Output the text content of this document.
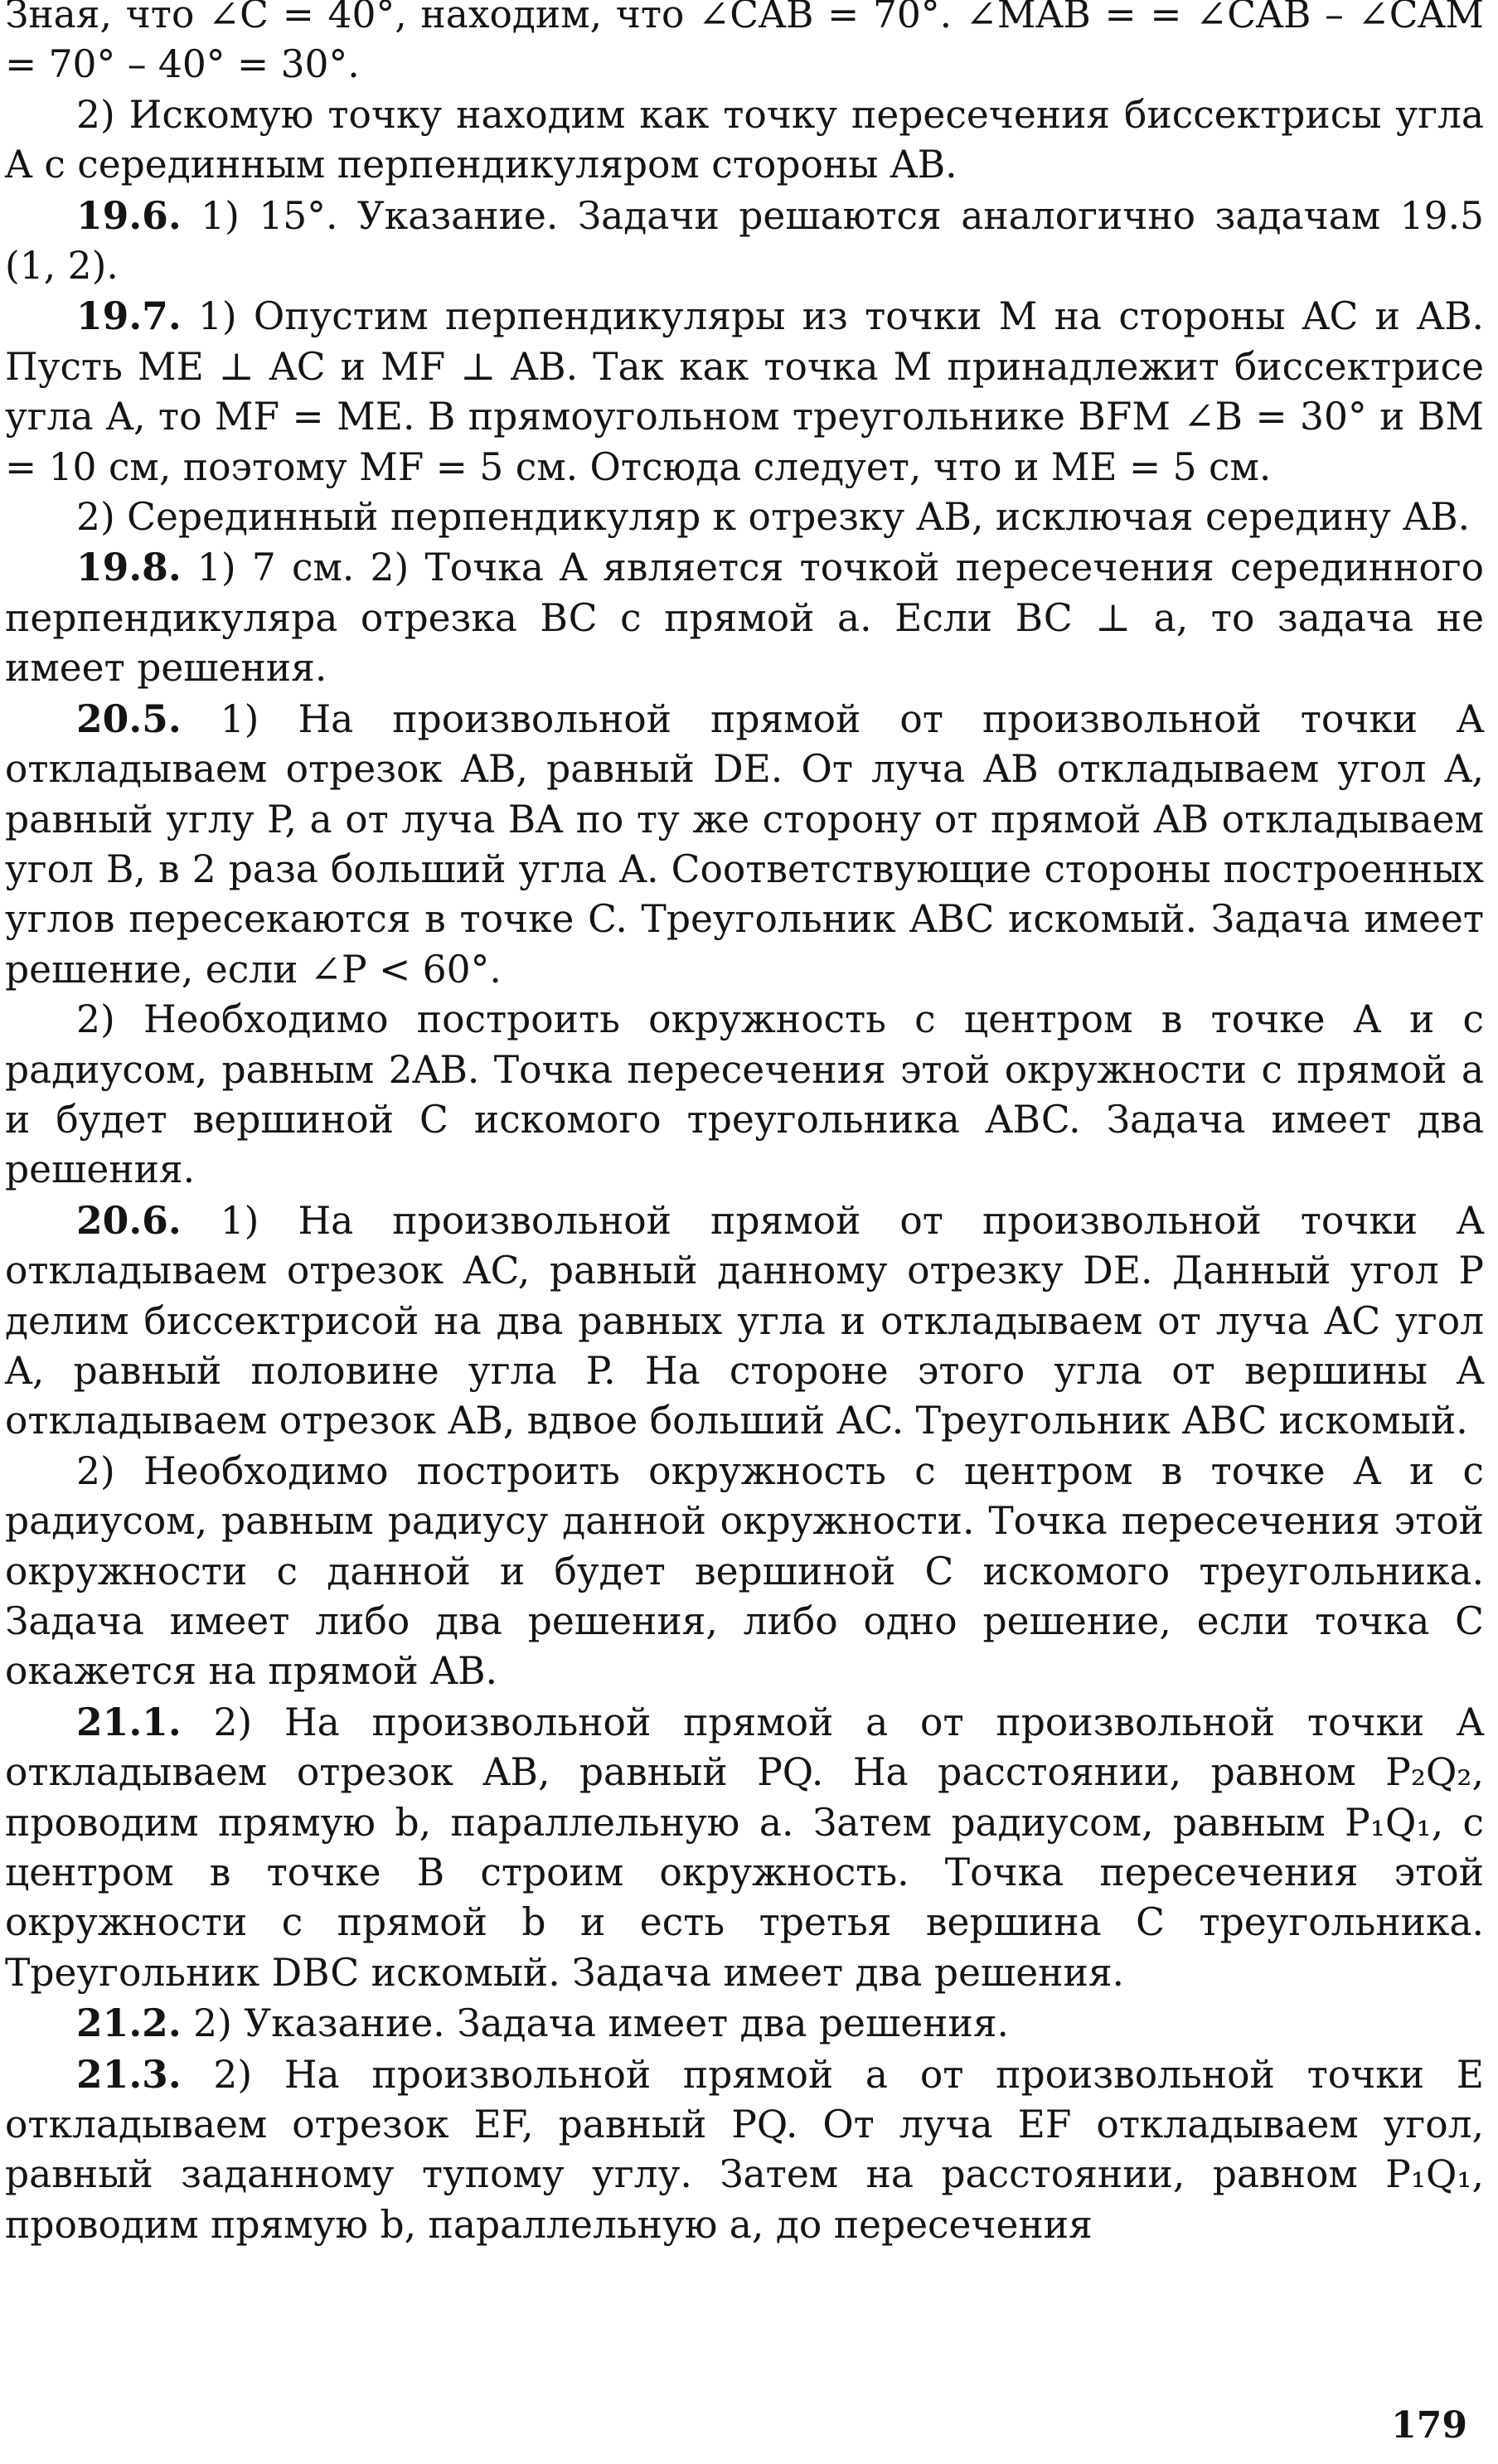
Зная, что ∠C = 40°, находим, что ∠CAB = 70°. ∠MAB = = ∠CAB – ∠CAM = 70° – 40° = 30°.

2) Искомую точку находим как точку пересечения биссектрисы угла A с серединным перпендикуляром стороны AB.

19.6. 1) 15°. Указание. Задачи решаются аналогично задачам 19.5 (1, 2).

19.7. 1) Опустим перпендикуляры из точки M на стороны AC и AB. Пусть ME ⊥ AC и MF ⊥ AB. Так как точка M принадлежит биссектрисе угла A, то MF = ME. В прямоугольном треугольнике BFM ∠B = 30° и BM = 10 см, поэтому MF = 5 см. Отсюда следует, что и ME = 5 см.

2) Серединный перпендикуляр к отрезку AB, исключая середину AB.

19.8. 1) 7 см. 2) Точка A является точкой пересечения серединного перпендикуляра отрезка BC с прямой a. Если BC ⊥ a, то задача не имеет решения.

20.5. 1) На произвольной прямой от произвольной точки A откладываем отрезок AB, равный DE. От луча AB откладываем угол A, равный углу P, а от луча BA по ту же сторону от прямой AB откладываем угол B, в 2 раза больший угла A. Соответствующие стороны построенных углов пересекаются в точке C. Треугольник ABC искомый. Задача имеет решение, если ∠P < 60°.

2) Необходимо построить окружность с центром в точке A и с радиусом, равным 2AB. Точка пересечения этой окружности с прямой a и будет вершиной C искомого треугольника ABC. Задача имеет два решения.

20.6. 1) На произвольной прямой от произвольной точки A откладываем отрезок AC, равный данному отрезку DE. Данный угол P делим биссектрисой на два равных угла и откладываем от луча AC угол A, равный половине угла P. На стороне этого угла от вершины A откладываем отрезок AB, вдвое больший AC. Треугольник ABC искомый.

2) Необходимо построить окружность с центром в точке A и с радиусом, равным радиусу данной окружности. Точка пересечения этой окружности с данной и будет вершиной C искомого треугольника. Задача имеет либо два решения, либо одно решение, если точка C окажется на прямой AB.

21.1. 2) На произвольной прямой a от произвольной точки A откладываем отрезок AB, равный PQ. На расстоянии, равном P₂Q₂, проводим прямую b, параллельную a. Затем радиусом, равным P₁Q₁, с центром в точке B строим окружность. Точка пересечения этой окружности с прямой b и есть третья вершина C треугольника. Треугольник DBC искомый. Задача имеет два решения.

21.2. 2) Указание. Задача имеет два решения.

21.3. 2) На произвольной прямой a от произвольной точки E откладываем отрезок EF, равный PQ. От луча EF откладываем угол, равный заданному тупому углу. Затем на расстоянии, равном P₁Q₁, проводим прямую b, параллельную a, до пересечения

179
